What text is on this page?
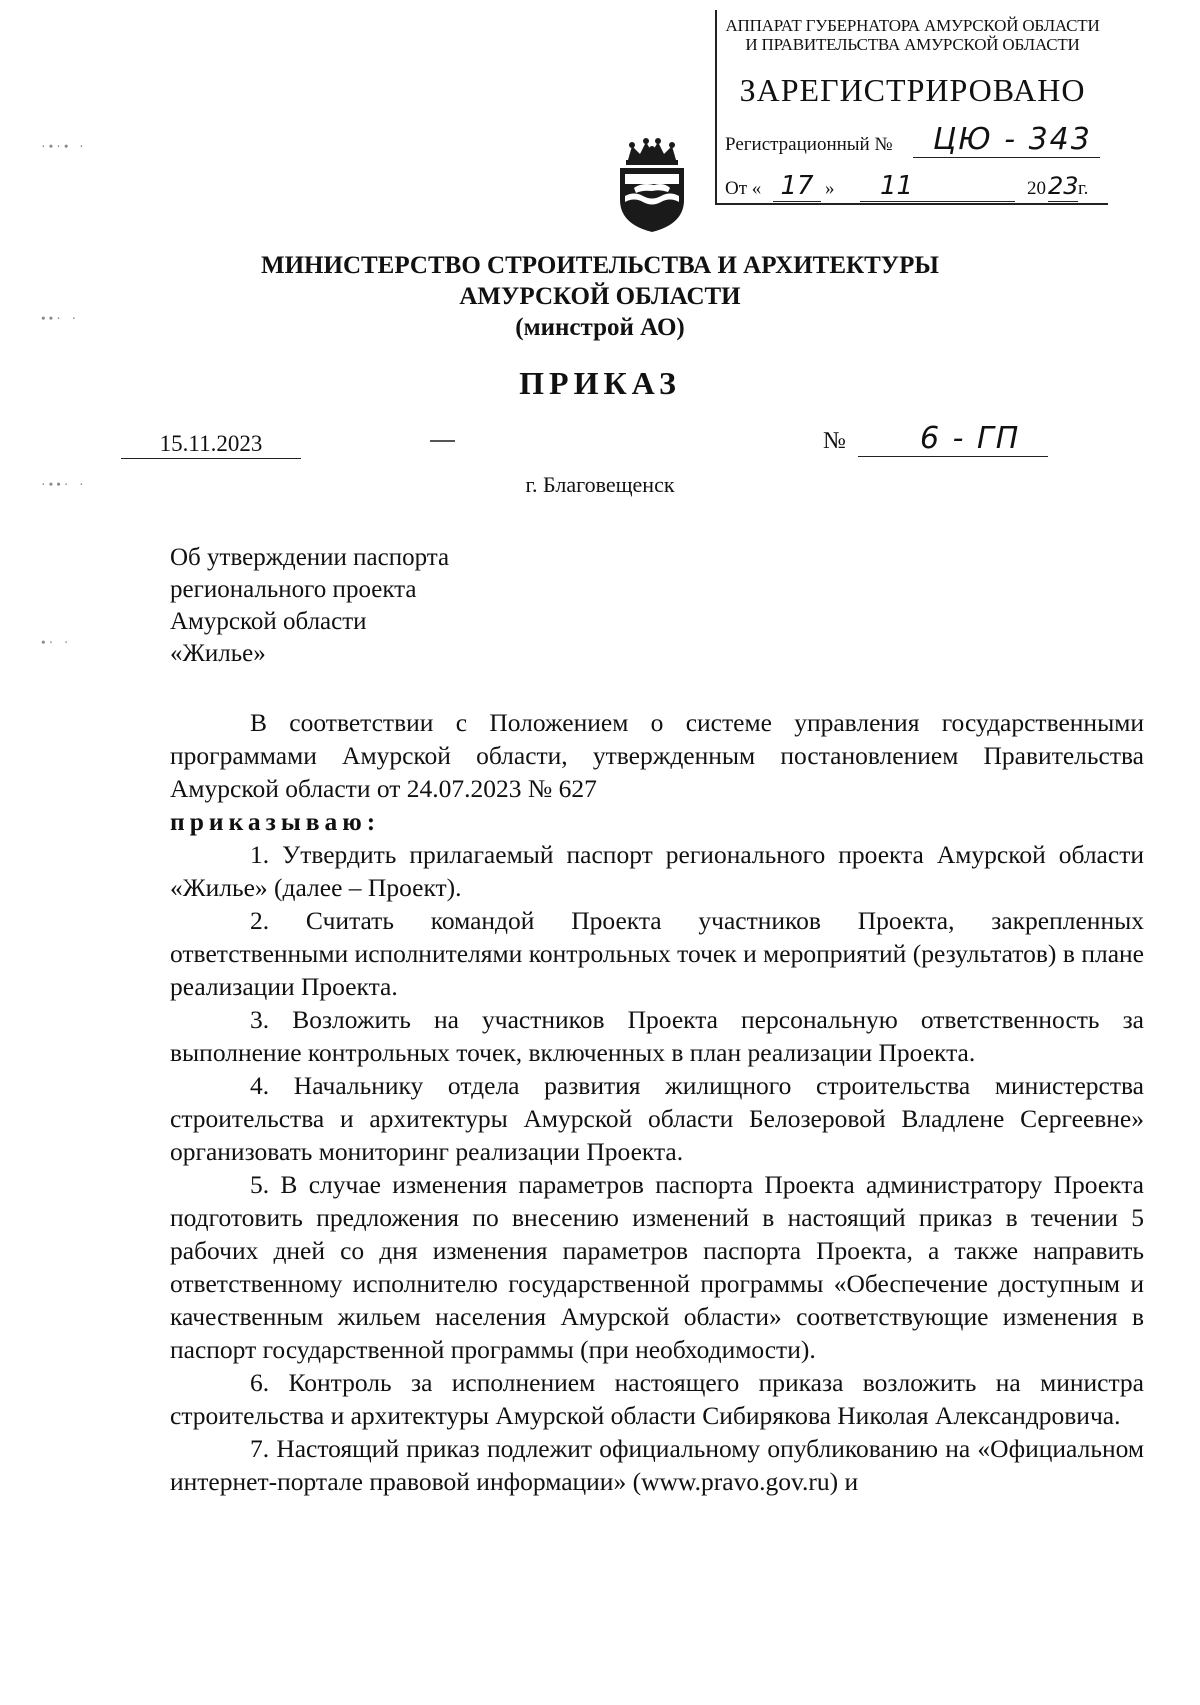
АППАРАТ ГУБЕРНАТОРА АМУРСКОЙ ОБЛАСТИ
И ПРАВИТЕЛЬСТВА АМУРСКОЙ ОБЛАСТИ
ЗАРЕГИСТРИРОВАНО
Регистрационный №	ЦЮ - 343
От « 17 »	11	20 23 г.
·∙·∙ ·
∙∙· ·
·∙∙· ·
∙· ·
МИНИСТЕРСТВО СТРОИТЕЛЬСТВА И АРХИТЕКТУРЫ
АМУРСКОЙ ОБЛАСТИ
(минстрой АО)
ПРИКАЗ
15.11.2023	№	6 - ГП
г. Благовещенск
Об утверждении паспорта
регионального проекта
Амурской области
«Жилье»

В соответствии с Положением о системе управления государственными программами Амурской области, утвержденным постановлением Правительства Амурской области от 24.07.2023 № 627

приказываю:

1. Утвердить прилагаемый паспорт регионального проекта Амурской области «Жилье» (далее – Проект).

2. Считать командой Проекта участников Проекта, закрепленных ответственными исполнителями контрольных точек и мероприятий (результатов) в плане реализации Проекта.

3. Возложить на участников Проекта персональную ответственность за выполнение контрольных точек, включенных в план реализации Проекта.

4. Начальнику отдела развития жилищного строительства министерства строительства и архитектуры Амурской области Белозеровой Владлене Сергеевне» организовать мониторинг реализации Проекта.

5. В случае изменения параметров паспорта Проекта администратору Проекта подготовить предложения по внесению изменений в настоящий приказ в течении 5 рабочих дней со дня изменения параметров паспорта Проекта, а также направить ответственному исполнителю государственной программы «Обеспечение доступным и качественным жильем населения Амурской области» соответствующие изменения в паспорт государственной программы (при необходимости).

6. Контроль за исполнением настоящего приказа возложить на министра строительства и архитектуры Амурской области Сибирякова Николая Александровича.

7. Настоящий приказ подлежит официальному опубликованию на «Официальном интернет-портале правовой информации» (www.pravo.gov.ru) и
